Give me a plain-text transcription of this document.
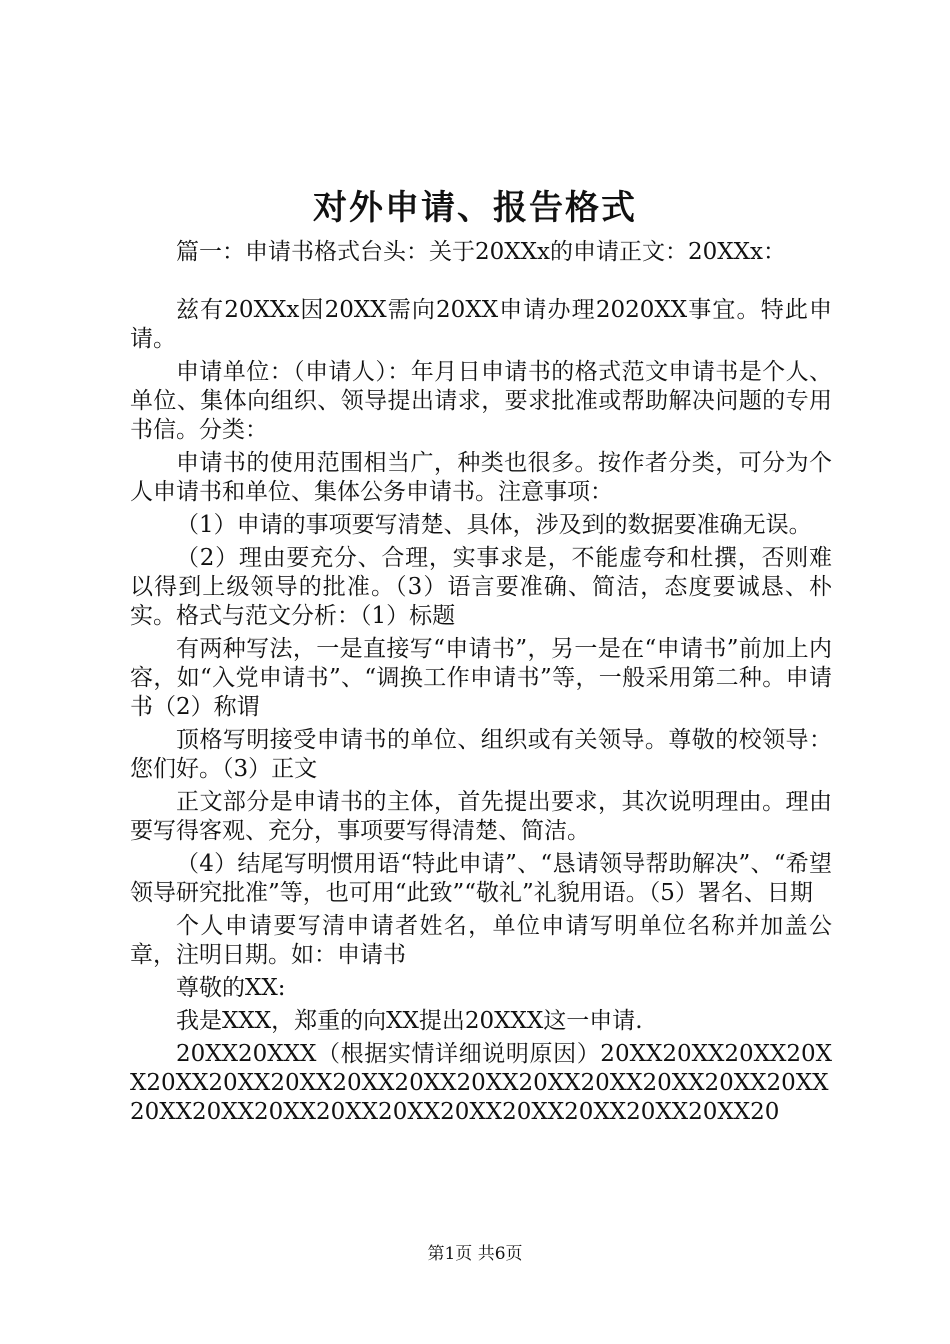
对外申请、报告格式

篇一：申请书格式台头：关于20XXx的申请正文：20XXx：

兹有20XXx因20XX需向20XX申请办理2020XX事宜。特此申请。

申请单位：（申请人）：年月日申请书的格式范文申请书是个人、单位、集体向组织、领导提出请求，要求批准或帮助解决问题的专用书信。分类：

申请书的使用范围相当广，种类也很多。按作者分类，可分为个人申请书和单位、集体公务申请书。注意事项：

（1）申请的事项要写清楚、具体，涉及到的数据要准确无误。

（2）理由要充分、合理，实事求是，不能虚夸和杜撰，否则难以得到上级领导的批准。（3）语言要准确、简洁，态度要诚恳、朴实。格式与范文分析：（1）标题

有两种写法，一是直接写“申请书”，另一是在“申请书”前加上内容，如“入党申请书”、“调换工作申请书”等，一般采用第二种。申请书（2）称谓

顶格写明接受申请书的单位、组织或有关领导。尊敬的校领导：您们好。（3）正文

正文部分是申请书的主体，首先提出要求，其次说明理由。理由要写得客观、充分，事项要写得清楚、简洁。

（4）结尾写明惯用语“特此申请”、“恳请领导帮助解决”、“希望领导研究批准”等，也可用“此致”“敬礼”礼貌用语。（5）署名、日期

个人申请要写清申请者姓名，单位申请写明单位名称并加盖公章，注明日期。如：申请书

尊敬的XX:

我是XXX，郑重的向XX提出20XXX这一申请.

20XX20XXX（根据实情详细说明原因）20XX20XX20XX20XX20XX20XX20XX20XX20XX20XX20XX20XX20XX20XX20XX20XX20XX20XX20XX20XX20XX20XX20XX20XX20XX20

第1页 共6页
